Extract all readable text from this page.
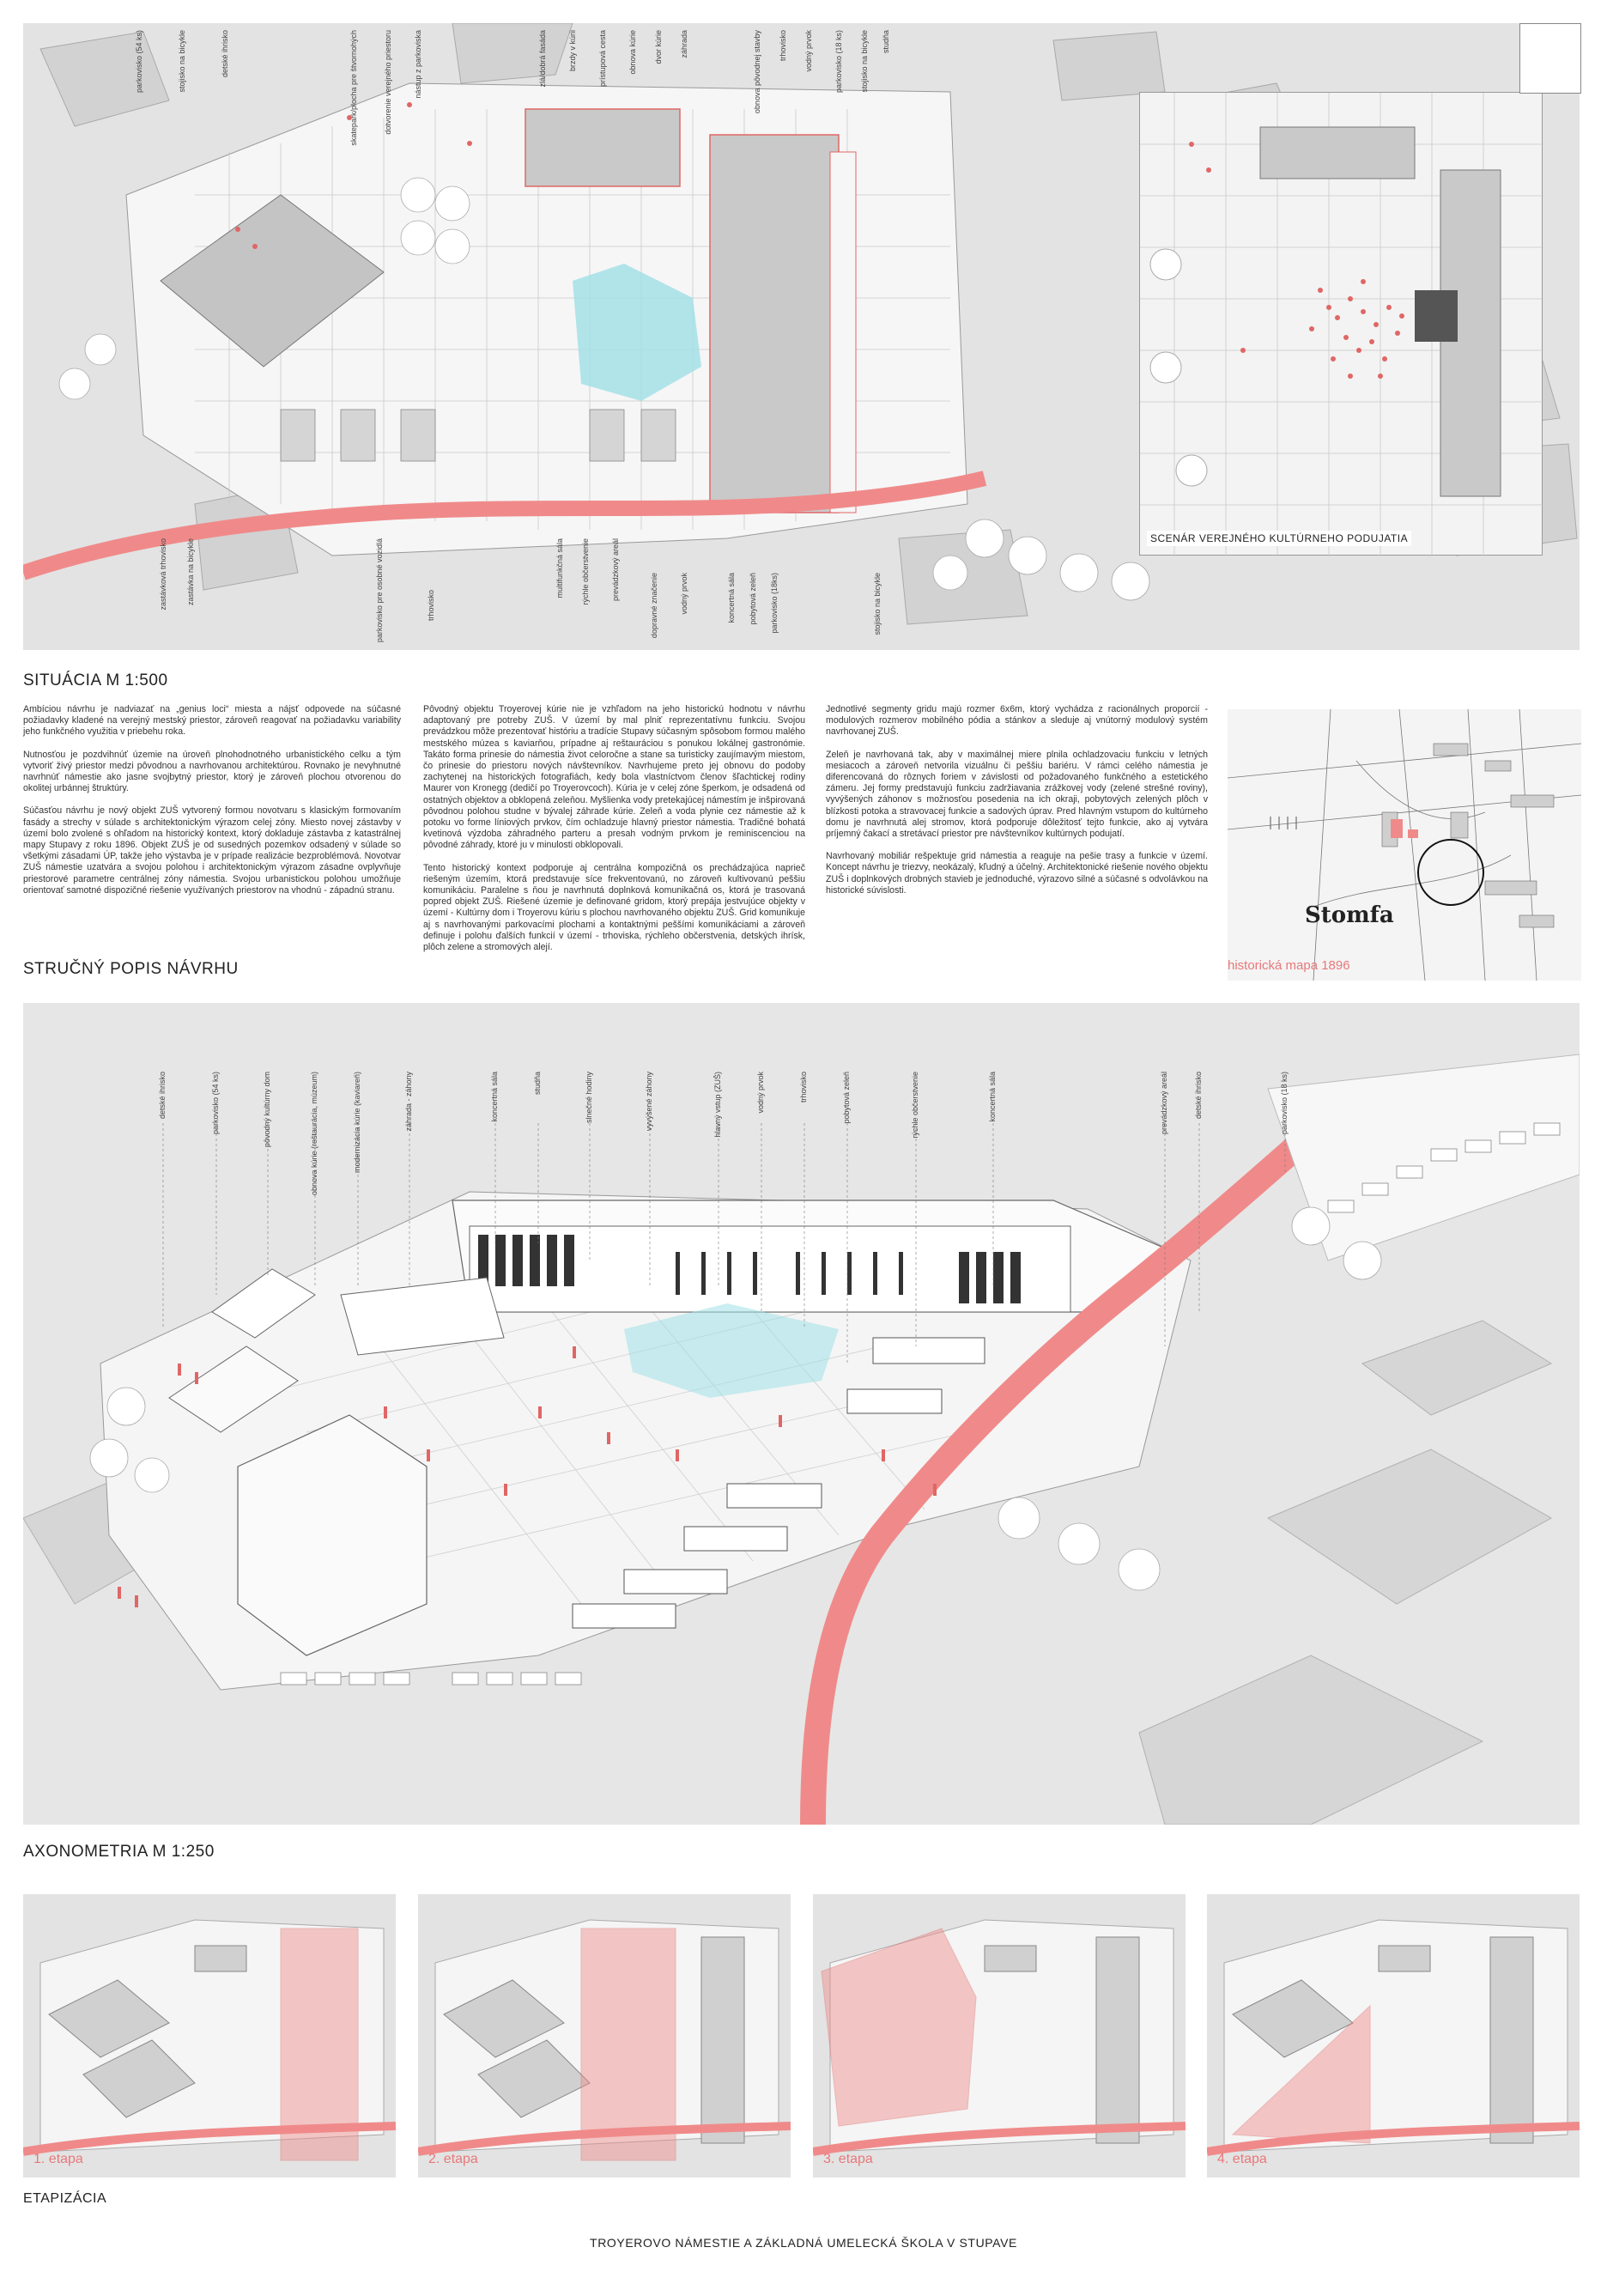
SCENÁR VEREJNÉHO KULTÚRNEHO PODUJATIA
parkovisko (54 ks)	stojisko na bicykle	detské ihrisko	skatepark/plocha pre štvornohých	dotvorenie verejného priestoru	nástup z parkoviska	zlá/dobrá fasáda	brzdy v kúrii	prístupová cesta	obnova kúrie dvor kúrie záhrada	obnova pôvodnej stavby trhovisko vodný prvok	parkovisko (18 ks) stojisko na bicykle studňa
zastávková trhovisko zastávka na bicykle	parkovisko pre osobné vozidlá	trhovisko
multifunkčná sála rýchle občerstvenie	prevádzkový areál
dopravné značenie	vodný prvok	koncertná sála pobytová zeleň parkovisko (18ks)	stojisko na bicykle
SITUÁCIA M 1:500
STRUČNÝ POPIS NÁVRHU

Ambíciou návrhu je nadviazať na „genius loci“ miesta a nájsť odpovede na súčasné požiadavky kladené na verejný mestský priestor, zároveň reagovať na požiadavku variability jeho funkčného využitia v priebehu roka.

Nutnosťou je pozdvihnúť územie na úroveň plnohodnotného urbanistického celku a tým vytvoriť živý priestor medzi pôvodnou a navrhovanou architektúrou. Rovnako je nevyhnutné navrhnúť námestie ako jasne svojbytný priestor, ktorý je zároveň plochou otvorenou do okolitej urbánnej štruktúry.

Súčasťou návrhu je nový objekt ZUŠ vytvorený formou novotvaru s klasickým formovaním fasády a strechy v súlade s architektonickým výrazom celej zóny. Miesto novej zástavby v území bolo zvolené s ohľadom na historický kontext, ktorý dokladuje zástavba z katastrálnej mapy Stupavy z roku 1896. Objekt ZUŠ je od susedných pozemkov odsadený v súlade so všetkými zásadami ÚP, takže jeho výstavba je v prípade realizácie bezproblémová. Novotvar ZUŠ námestie uzatvára a svojou polohou i architektonickým výrazom zásadne ovplyvňuje priestorové parametre centrálnej zóny námestia. Svojou urbanistickou polohou umožňuje orientovať samotné dispozičné riešenie využívaných priestorov na vhodnú - západnú stranu.

Pôvodný objektu Troyerovej kúrie nie je vzhľadom na jeho historickú hodnotu v návrhu adaptovaný pre potreby ZUŠ. V území by mal plniť reprezentatívnu funkciu. Svojou prevádzkou môže prezentovať históriu a tradície Stupavy súčasným spôsobom formou malého mestského múzea s kaviarňou, prípadne aj reštauráciou s ponukou lokálnej gastronómie. Takáto forma prinesie do námestia život celoročne a stane sa turisticky zaujímavým miestom, čo prinesie do priestoru nových návštevníkov. Navrhujeme preto jej obnovu do podoby zachytenej na historických fotografiách, kedy bola vlastníctvom členov šľachtickej rodiny Maurer von Kronegg (dedičí po Troyerovcoch). Kúria je v celej zóne šperkom, je odsadená od ostatných objektov a obklopená zeleňou. Myšlienka vody pretekajúcej námestím je inšpirovaná pôvodnou polohou studne v bývalej záhrade kúrie. Zeleň a voda plynie cez námestie až k potoku vo forme líniových prvkov, čím ochladzuje hlavný priestor námestia. Tradičné bohatá kvetinová výzdoba záhradného parteru a presah vodným prvkom je reminiscenciou na pôvodné záhrady, ktoré ju v minulosti obklopovali.

Tento historický kontext podporuje aj centrálna kompozičná os prechádzajúca naprieč riešeným územím, ktorá predstavuje síce frekventovanú, no zároveň kultivovanú peššiu komunikáciu. Paralelne s ňou je navrhnutá doplnková komunikačná os, ktorá je trasovaná popred objekt ZUŠ. Riešené územie je definované gridom, ktorý prepája jestvujúce objekty v území - Kultúrny dom i Troyerovu kúriu s plochou navrhovaného objektu ZUŠ. Grid komunikuje aj s navrhovanými parkovacími plochami a kontaktnými peššími komunikáciami a zároveň definuje i polohu ďalších funkcií v území - trhoviska, rýchleho občerstvenia, detských ihrísk, plôch zelene a stromových alejí.

Jednotlivé segmenty gridu majú rozmer 6x6m, ktorý vychádza z racionálnych proporcií - modulových rozmerov mobilného pódia a stánkov a sleduje aj vnútorný modulový systém navrhovanej ZUŠ.

Zeleň je navrhovaná tak, aby v maximálnej miere plnila ochladzovaciu funkciu v letných mesiacoch a zároveň netvorila vizuálnu či peššiu bariéru. V rámci celého námestia je diferencovaná do rôznych foriem v závislosti od požadovaného funkčného a estetického zámeru. Jej formy predstavujú funkciu zadržiavania zrážkovej vody (zelené strešné roviny), vyvýšených záhonov s možnosťou posedenia na ich okraji, pobytových zelených plôch v blízkosti potoka a stravovacej funkcie a sadových úprav. Pred hlavným vstupom do kultúrneho domu je navrhnutá alej stromov, ktorá podporuje dôležitosť tejto funkcie, ako aj vytvára príjemný čakací a stretávací priestor pre návštevníkov kultúrnych podujatí.

Navrhovaný mobiliár rešpektuje grid námestia a reaguje na pešie trasy a funkcie v území. Koncept návrhu je triezvy, neokázalý, kľudný a účelný. Architektonické riešenie nového objektu ZUŠ i doplnkových drobných stavieb je jednoduché, výrazovo silné a súčasné s odvolávkou na historické súvislosti.

Stomfa
historická mapa 1896
detské ihrisko	parkovisko (54 ks)	pôvodný kultúrny dom	obnova kúrie (reštaurácia, múzeum)	modernizácia kúrie (kaviareň)	záhrada - záhony	koncertná sála	studňa	slnečné hodiny	vyvýšené záhony	hlavný vstup (ZUŠ)	vodný prvok	trhovisko	pobytová zeleň	rýchle občerstvenie	koncertná sála	prevádzkový areál	detské ihrisko	parkovisko (18 ks)
AXONOMETRIA M 1:250
1. etapa	2. etapa	3. etapa	4. etapa
ETAPIZÁCIA
TROYEROVO NÁMESTIE A ZÁKLADNÁ UMELECKÁ ŠKOLA V STUPAVE
